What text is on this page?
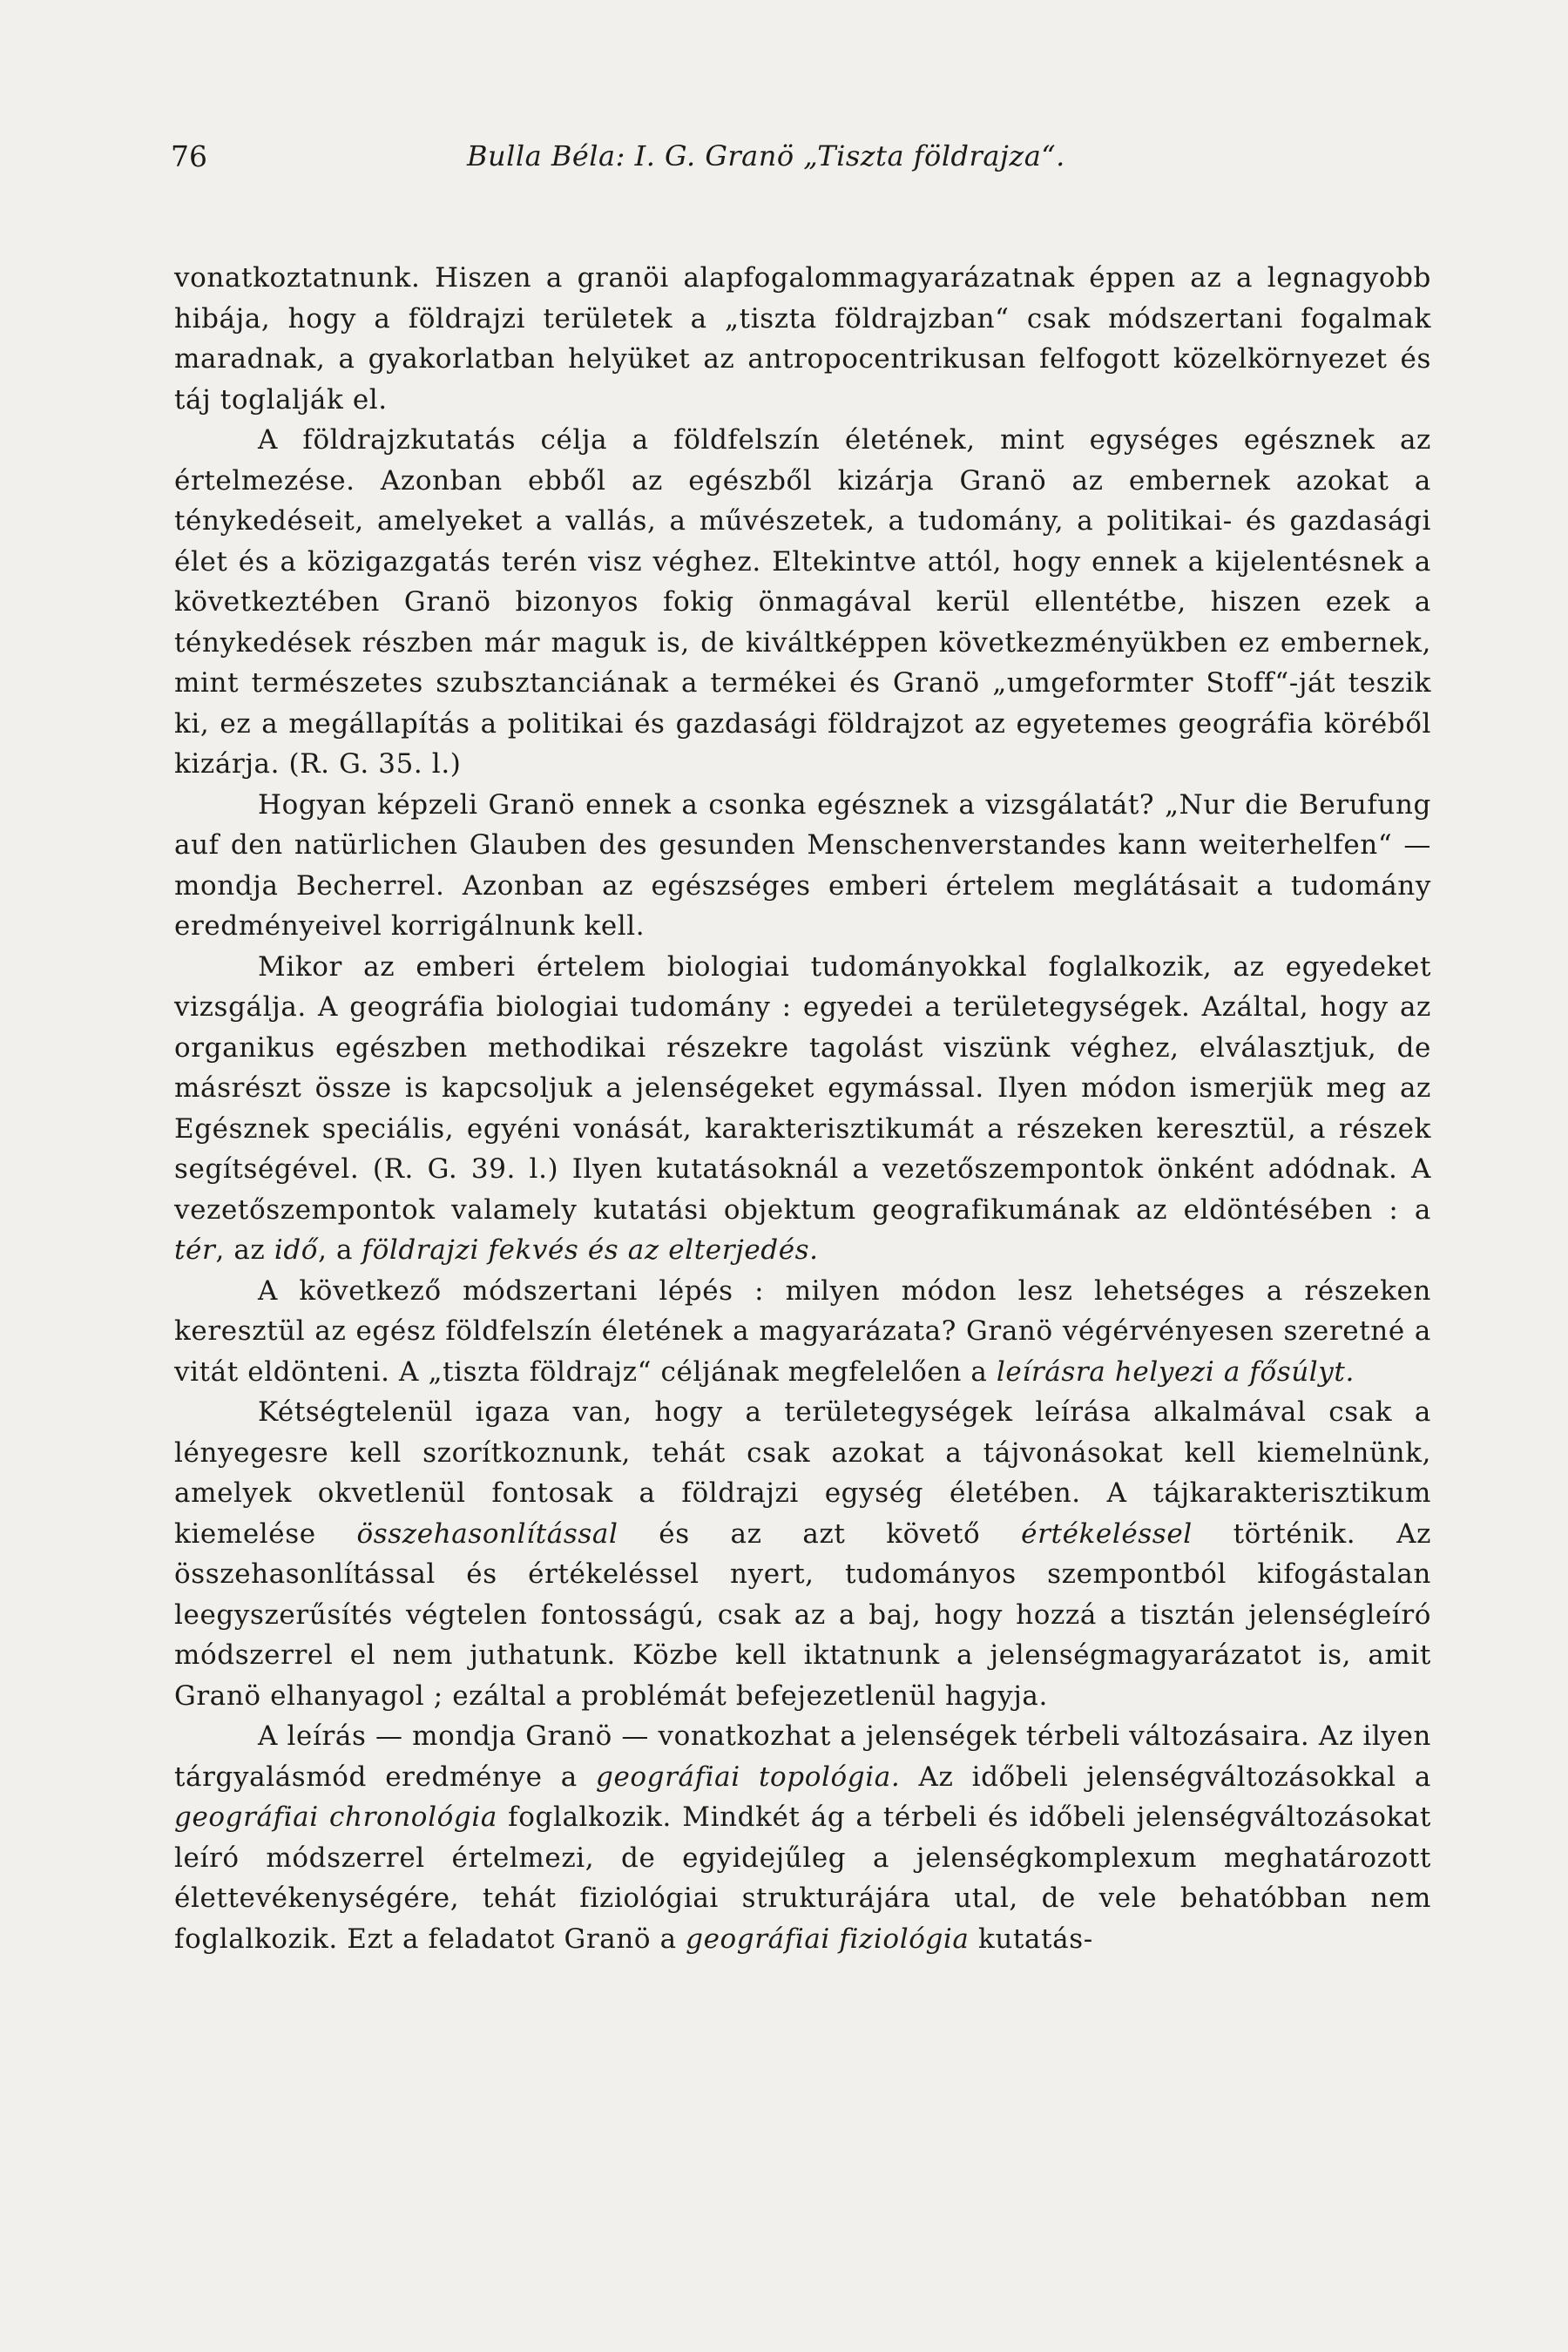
76	Bulla Béla: I. G. Granö „Tiszta földrajza“.

vonatkoztatnunk. Hiszen a granöi alapfogalommagyarázatnak éppen az a legnagyobb hibája, hogy a földrajzi területek a „tiszta földrajzban“ csak módszertani fogalmak maradnak, a gyakorlatban helyüket az antropocentrikusan felfogott közelkörnyezet és táj toglalják el.

A földrajzkutatás célja a földfelszín életének, mint egységes egésznek az értelmezése. Azonban ebből az egészből kizárja Granö az embernek azokat a ténykedéseit, amelyeket a vallás, a művészetek, a tudomány, a politikai- és gazdasági élet és a közigazgatás terén visz véghez. Eltekintve attól, hogy ennek a kijelentésnek a következtében Granö bizonyos fokig önmagával kerül ellentétbe, hiszen ezek a ténykedések részben már maguk is, de kiváltképpen következményükben ez embernek, mint természetes szubsztanciának a termékei és Granö „umgeformter Stoff“-ját teszik ki, ez a megállapítás a politikai és gazdasági földrajzot az egyetemes geográfia köréből kizárja. (R. G. 35. l.)

Hogyan képzeli Granö ennek a csonka egésznek a vizsgálatát? „Nur die Berufung auf den natürlichen Glauben des gesunden Menschenverstandes kann weiterhelfen“ — mondja Becherrel. Azonban az egészséges emberi értelem meglátásait a tudomány eredményeivel korrigálnunk kell.

Mikor az emberi értelem biologiai tudományokkal foglalkozik, az egyedeket vizsgálja. A geográfia biologiai tudomány : egyedei a területegységek. Azáltal, hogy az organikus egészben methodikai részekre tagolást viszünk véghez, elválasztjuk, de másrészt össze is kapcsoljuk a jelenségeket egymással. Ilyen módon ismerjük meg az Egésznek speciális, egyéni vonását, karakterisztikumát a részeken keresztül, a részek segítségével. (R. G. 39. l.) Ilyen kutatásoknál a vezetőszempontok önként adódnak. A vezetőszempontok valamely kutatási objektum geografikumának az eldöntésében : a tér, az idő, a földrajzi fekvés és az elterjedés.

A következő módszertani lépés : milyen módon lesz lehetséges a részeken keresztül az egész földfelszín életének a magyarázata? Granö végérvényesen szeretné a vitát eldönteni. A „tiszta földrajz“ céljának megfelelően a leírásra helyezi a fősúlyt.

Kétségtelenül igaza van, hogy a területegységek leírása alkalmával csak a lényegesre kell szorítkoznunk, tehát csak azokat a tájvonásokat kell kiemelnünk, amelyek okvetlenül fontosak a földrajzi egység életében. A tájkarakterisztikum kiemelése összehasonlítással és az azt követő értékeléssel történik. Az összehasonlítással és értékeléssel nyert, tudományos szempontból kifogástalan leegyszerűsítés végtelen fontosságú, csak az a baj, hogy hozzá a tisztán jelenségleíró módszerrel el nem juthatunk. Közbe kell iktatnunk a jelenségmagyarázatot is, amit Granö elhanyagol ; ezáltal a problémát befejezetlenül hagyja.

A leírás — mondja Granö — vonatkozhat a jelenségek térbeli változásaira. Az ilyen tárgyalásmód eredménye a geográfiai topológia. Az időbeli jelenségváltozásokkal a geográfiai chronológia foglalkozik. Mindkét ág a térbeli és időbeli jelenségváltozásokat leíró módszerrel értelmezi, de egyidejűleg a jelenségkomplexum meghatározott élettevékenységére, tehát fiziológiai strukturájára utal, de vele behatóbban nem foglalkozik. Ezt a feladatot Granö a geográfiai fiziológia kutatás-
